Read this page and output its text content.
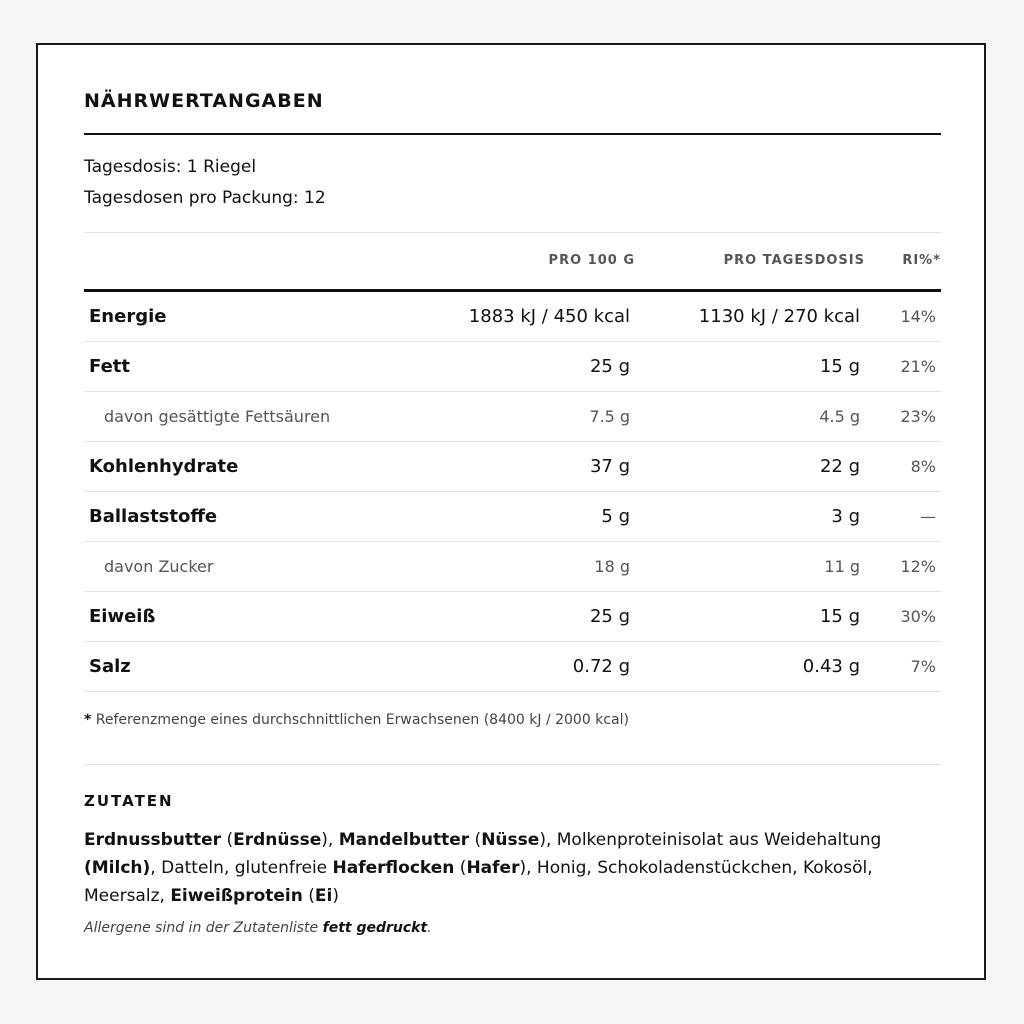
NÄHRWERTANGABEN
Tagesdosis: 1 Riegel
Tagesdosen pro Packung: 12
PRO 100 G	PRO TAGESDOSIS	RI%*
Energie	1883 kJ / 450 kcal	1130 kJ / 270 kcal	14%
Fett	25 g	15 g	21%
davon gesättigte Fettsäuren	7.5 g	4.5 g	23%
Kohlenhydrate	37 g	22 g	8%
Ballaststoffe	5 g	3 g	—
davon Zucker	18 g	11 g	12%
Eiweiß	25 g	15 g	30%
Salz	0.72 g	0.43 g	7%
* Referenzmenge eines durchschnittlichen Erwachsenen (8400 kJ / 2000 kcal)
ZUTATEN
Erdnussbutter (Erdnüsse), Mandelbutter (Nüsse), Molkenproteinisolat aus Weidehaltung (Milch), Datteln, glutenfreie Haferflocken (Hafer), Honig, Schokoladenstückchen, Kokosöl, Meersalz, Eiweißprotein (Ei)
Allergene sind in der Zutatenliste fett gedruckt.
